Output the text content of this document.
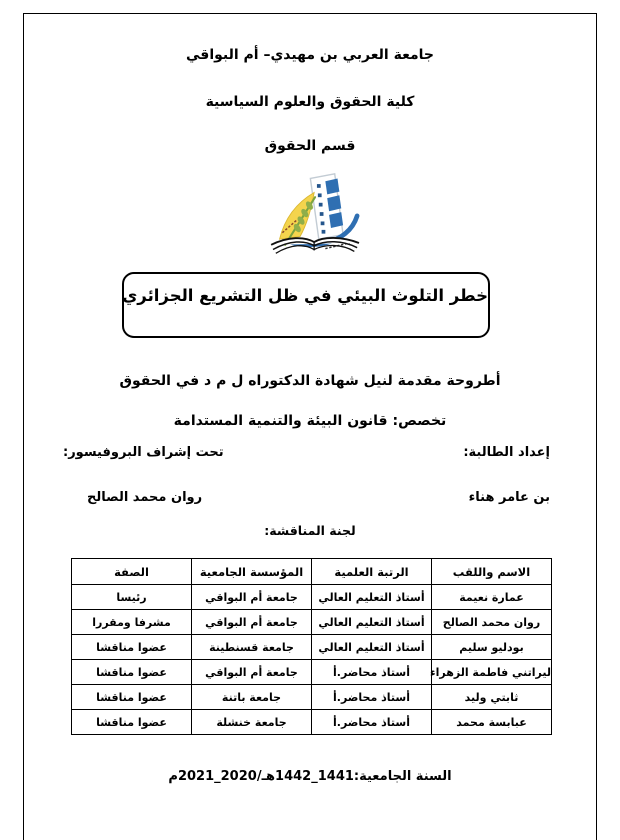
جامعة العربي بن مهيدي– أم البواقي
كلية الحقوق والعلوم السياسية
قسم الحقوق
خطر التلوث البيئي في ظل التشريع الجزائري
أطروحة مقدمة لنيل شهادة الدكتوراه ل م د في الحقوق
تخصص: قانون البيئة والتنمية المستدامة
إعداد الطالبة:
تحت إشراف البروفيسور:
بن عامر هناء
روان محمد الصالح
لجنة المناقشة:
الاسم واللقب	الرتبة العلمية	المؤسسة الجامعية	الصفة
عمارة نعيمة	أستاذ التعليم العالي	جامعة أم البواقي	رئيسا
روان محمد الصالح	أستاذ التعليم العالي	جامعة أم البواقي	مشرفا ومقررا
بودليو سليم	أستاذ التعليم العالي	جامعة قسنطينة	عضوا مناقشا
ليراتني فاطمة الزهراء	أستاذ محاضر.أ	جامعة أم البواقي	عضوا مناقشا
ثابتي وليد	أستاذ محاضر.أ	جامعة باتنة	عضوا مناقشا
عبابسة محمد	أستاذ محاضر.أ	جامعة خنشلة	عضوا مناقشا
السنة الجامعية:1441_1442هـ/2020_2021م
